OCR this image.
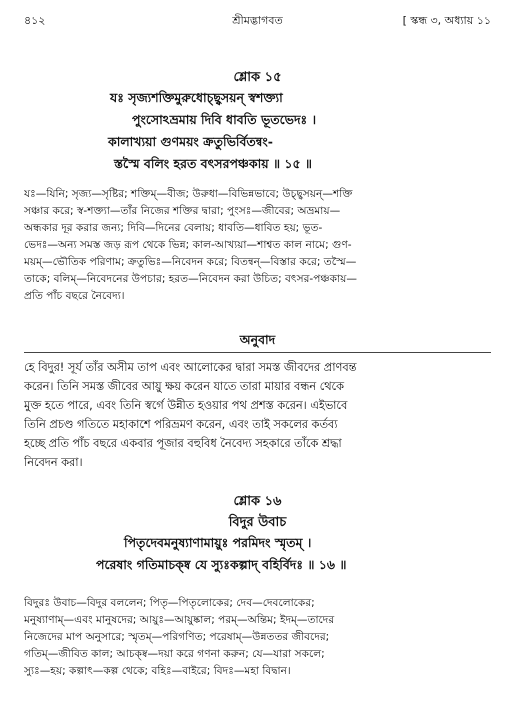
৪১২	শ্রীমদ্ভাগবত	[ স্কন্ধ ৩, অধ্যায় ১১
শ্লোক ১৫
যঃ সৃজ্যশক্তিমুরুধোচ্ছ্বসয়ন্ স্বশক্ত্যা
পুংসোঽভ্রমায় দিবি ধাবতি ভূতভেদঃ ।
কালাখ্যয়া গুণময়ং ক্রতুভির্বিতন্বং-
স্তস্মৈ বলিং হরত বৎসরপঞ্চকায় ॥ ১৫ ॥
যঃ—যিনি; সৃজ্য—সৃষ্টির; শক্তিম্—বীজ; উরুধা—বিভিন্নভাবে; উচ্ছ্বসয়ন্—শক্তি
সঞ্চার করে; স্ব-শক্ত্যা—তাঁর নিজের শক্তির দ্বারা; পুংসঃ—জীবের; অভ্রমায়—
অন্ধকার দূর করার জন্য; দিবি—দিনের বেলায়; ধাবতি—ধাবিত হয়; ভূত-
ভেদঃ—অন্য সমস্ত জড় রূপ থেকে ভিন্ন; কাল-আখ্যয়া—শাশ্বত কাল নামে; গুণ-
ময়ম্—ভৌতিক পরিণাম; ক্রতুভিঃ—নিবেদন করে; বিতন্বন্—বিস্তার করে; তস্মৈ—
তাকে; বলিম্—নিবেদনের উপচার; হরত—নিবেদন করা উচিত; বৎসর-পঞ্চকায়—
প্রতি পাঁচ বছরে নৈবেদ্য।
অনুবাদ
হে বিদুর! সূর্য তাঁর অসীম তাপ এবং আলোকের দ্বারা সমস্ত জীবদের প্রাণবন্ত
করেন। তিনি সমস্ত জীবের আয়ু ক্ষয় করেন যাতে তারা মায়ার বন্ধন থেকে
মুক্ত হতে পারে, এবং তিনি স্বর্গে উন্নীত হওয়ার পথ প্রশস্ত করেন। এইভাবে
তিনি প্রচণ্ড গতিতে মহাকাশে পরিভ্রমণ করেন, এবং তাই সকলের কর্তব্য
হচ্ছে প্রতি পাঁচ বছরে একবার পূজার বহুবিধ নৈবেদ্য সহকারে তাঁকে শ্রদ্ধা
নিবেদন করা।
শ্লোক ১৬
বিদুর উবাচ
পিতৃদেবমনুষ্যাণামায়ুঃ পরমিদং স্মৃতম্ ।
পরেষাং গতিমাচক্ষ্ব যে স্যুঃকল্পাদ্ বহির্বিদঃ ॥ ১৬ ॥
বিদুরঃ উবাচ—বিদুর বললেন; পিতৃ—পিতৃলোকের; দেব—দেবলোকের;
মনুষ্যাণাম্—এবং মানুষদের; আয়ুঃ—আয়ুষ্কাল; পরম্—অন্তিম; ইদম্—তাদের
নিজেদের মাপ অনুসারে; স্মৃতম্—পরিগণিত; পরেষাম্—উন্নততর জীবদের;
গতিম্—জীবিত কাল; আচক্ষ্ব—দয়া করে গণনা করুন; যে—যারা সকলে;
স্যুঃ—হয়; কল্পাৎ—কল্প থেকে; বহিঃ—বাইরে; বিদঃ—মহা বিদ্বান।
